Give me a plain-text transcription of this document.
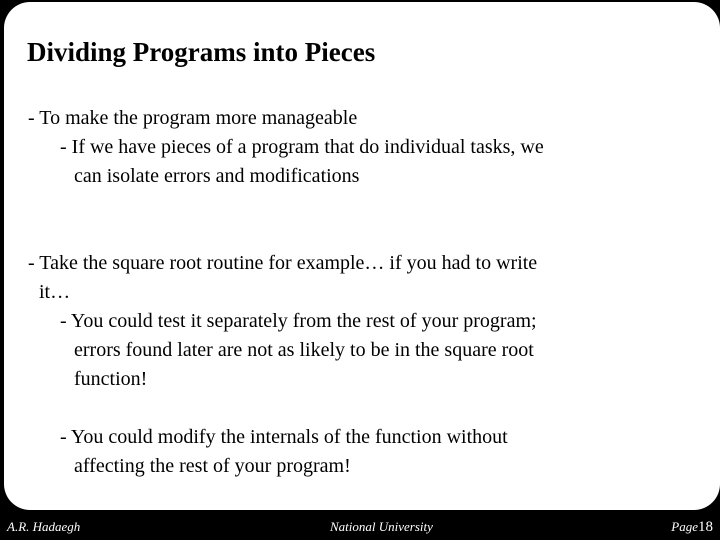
Dividing Programs into Pieces

- To make the program more manageable

- If we have pieces of a program that do individual tasks, we

can isolate errors and modifications

- Take the square root routine for example… if you had to write

it…

- You could test it separately from the rest of your program;

errors found later are not as likely to be in the square root

function!

- You could modify the internals of the function without

affecting the rest of your program!

A.R. Hadaegh	National University	Page18
